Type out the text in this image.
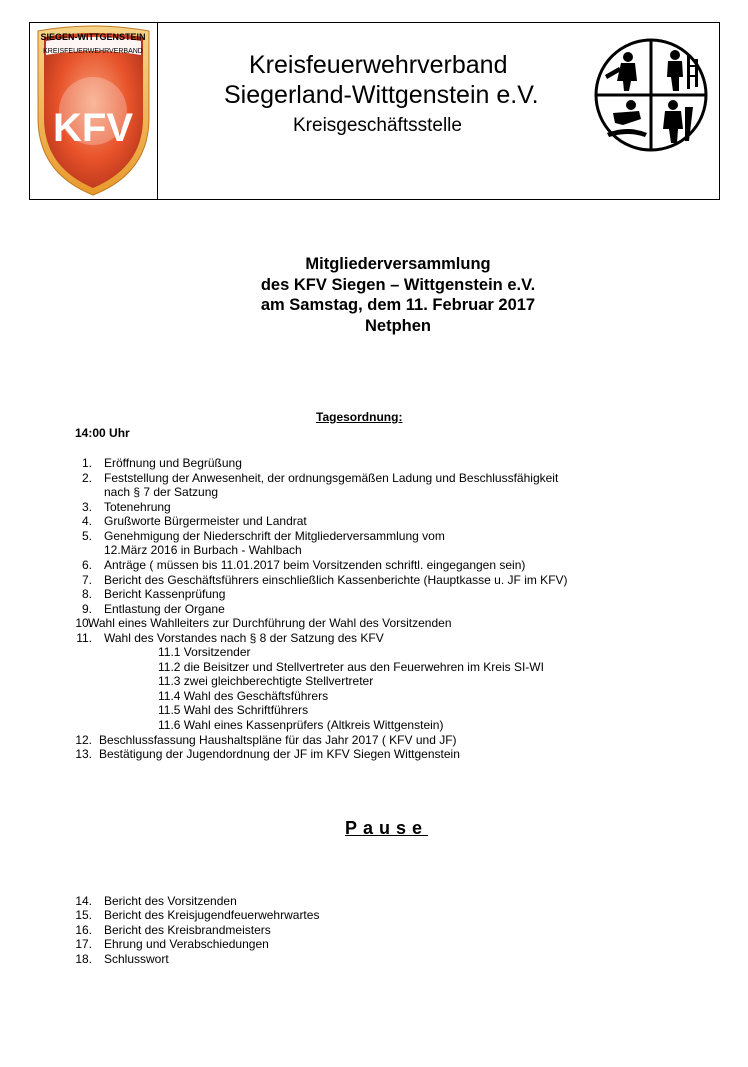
SIEGEN-WITTGENSTEIN
KREISFEUERWEHRVERBAND
KFV
Kreisfeuerwehrverband
Siegerland-Wittgenstein e.V.
Kreisgeschäftsstelle
Mitgliederversammlung
des KFV Siegen – Wittgenstein e.V.
am Samstag, dem 11. Februar 2017
Netphen
Tagesordnung:
14:00 Uhr
1. Eröffnung und Begrüßung
2. Feststellung der Anwesenheit, der ordnungsgemäßen Ladung und Beschlussfähigkeit
nach § 7 der Satzung
3. Totenehrung
4. Grußworte Bürgermeister und Landrat
5. Genehmigung der Niederschrift der Mitgliederversammlung vom
12.März 2016 in Burbach - Wahlbach
6. Anträge ( müssen bis 11.01.2017 beim Vorsitzenden schriftl. eingegangen sein)
7. Bericht des Geschäftsführers einschließlich Kassenberichte (Hauptkasse u. JF im KFV)
8. Bericht Kassenprüfung
9. Entlastung der Organe
10.
Wahl eines Wahlleiters zur Durchführung der Wahl des Vorsitzenden
11. Wahl des Vorstandes nach § 8 der Satzung des KFV
11.1 Vorsitzender
11.2 die Beisitzer und Stellvertreter aus den Feuerwehren im Kreis SI-WI
11.3 zwei gleichberechtigte Stellvertreter
11.4 Wahl des Geschäftsführers
11.5 Wahl des Schriftführers
11.6 Wahl eines Kassenprüfers (Altkreis Wittgenstein)
12. Beschlussfassung Haushaltspläne für das Jahr 2017 ( KFV und JF)
13. Bestätigung der Jugendordnung der JF im KFV Siegen Wittgenstein
Pause
14. Bericht des Vorsitzenden
15. Bericht des Kreisjugendfeuerwehrwartes
16. Bericht des Kreisbrandmeisters
17. Ehrung und Verabschiedungen
18. Schlusswort
